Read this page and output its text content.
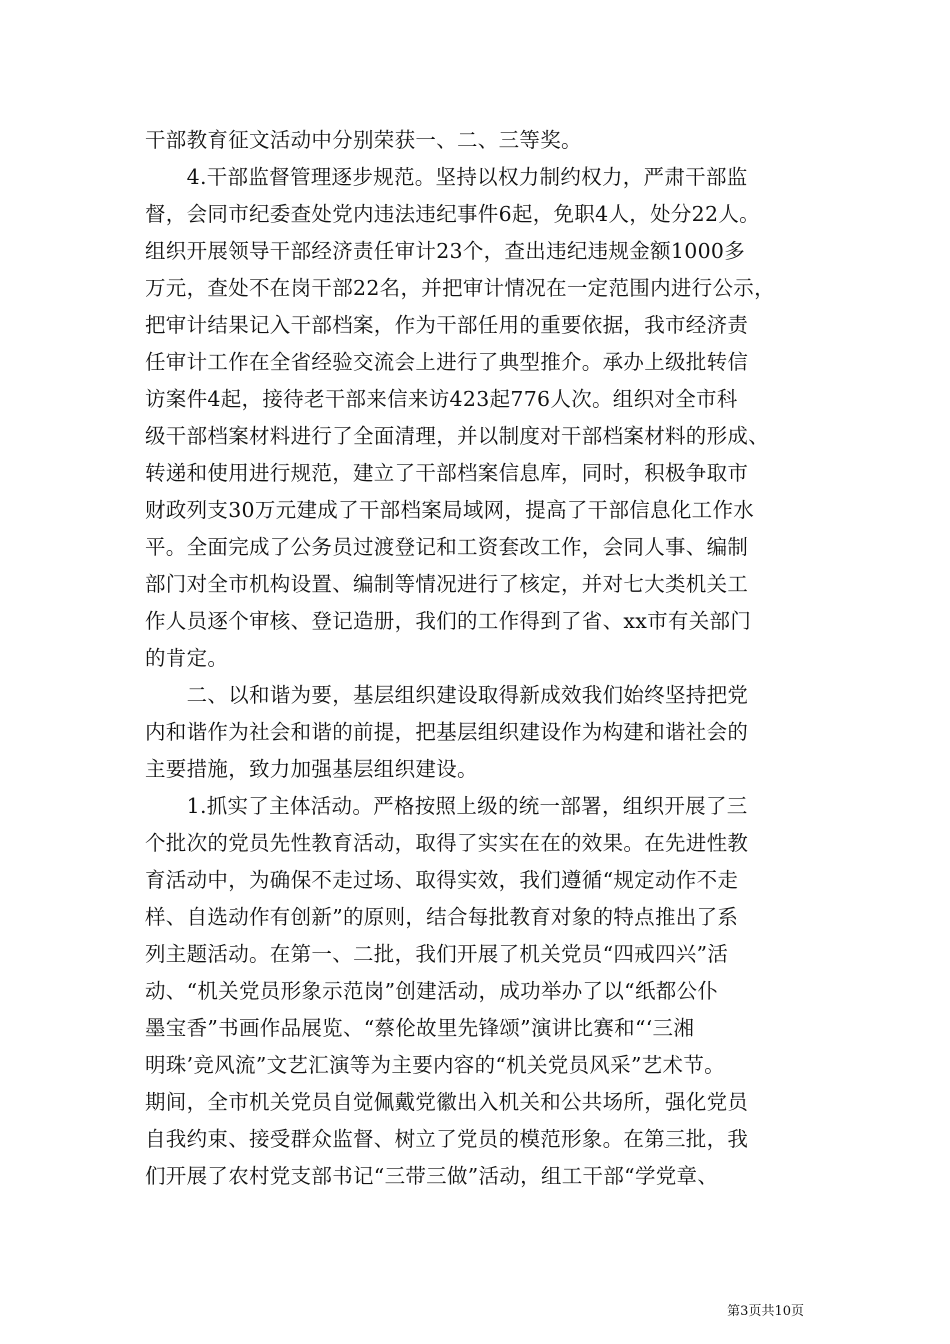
干部教育征文活动中分别荣获一、二、三等奖。
　　4.干部监督管理逐步规范。坚持以权力制约权力，严肃干部监
督，会同市纪委查处党内违法违纪事件6起，免职4人，处分22人。
组织开展领导干部经济责任审计23个，查出违纪违规金额1000多
万元，查处不在岗干部22名，并把审计情况在一定范围内进行公示，
把审计结果记入干部档案，作为干部任用的重要依据，我市经济责
任审计工作在全省经验交流会上进行了典型推介。承办上级批转信
访案件4起，接待老干部来信来访423起776人次。组织对全市科
级干部档案材料进行了全面清理，并以制度对干部档案材料的形成、
转递和使用进行规范，建立了干部档案信息库，同时，积极争取市
财政列支30万元建成了干部档案局域网，提高了干部信息化工作水
平。全面完成了公务员过渡登记和工资套改工作，会同人事、编制
部门对全市机构设置、编制等情况进行了核定，并对七大类机关工
作人员逐个审核、登记造册，我们的工作得到了省、xx市有关部门
的肯定。
　　二、以和谐为要，基层组织建设取得新成效我们始终坚持把党
内和谐作为社会和谐的前提，把基层组织建设作为构建和谐社会的
主要措施，致力加强基层组织建设。
　　1.抓实了主体活动。严格按照上级的统一部署，组织开展了三
个批次的党员先性教育活动，取得了实实在在的效果。在先进性教
育活动中，为确保不走过场、取得实效，我们遵循“规定动作不走
样、自选动作有创新”的原则，结合每批教育对象的特点推出了系
列主题活动。在第一、二批，我们开展了机关党员“四戒四兴”活
动、“机关党员形象示范岗”创建活动，成功举办了以“纸都公仆
墨宝香”书画作品展览、“蔡伦故里先锋颂”演讲比赛和“‘三湘
明珠’竞风流”文艺汇演等为主要内容的“机关党员风采”艺术节。
期间，全市机关党员自觉佩戴党徽出入机关和公共场所，强化党员
自我约束、接受群众监督、树立了党员的模范形象。在第三批，我
们开展了农村党支部书记“三带三做”活动，组工干部“学党章、
第3页共10页
